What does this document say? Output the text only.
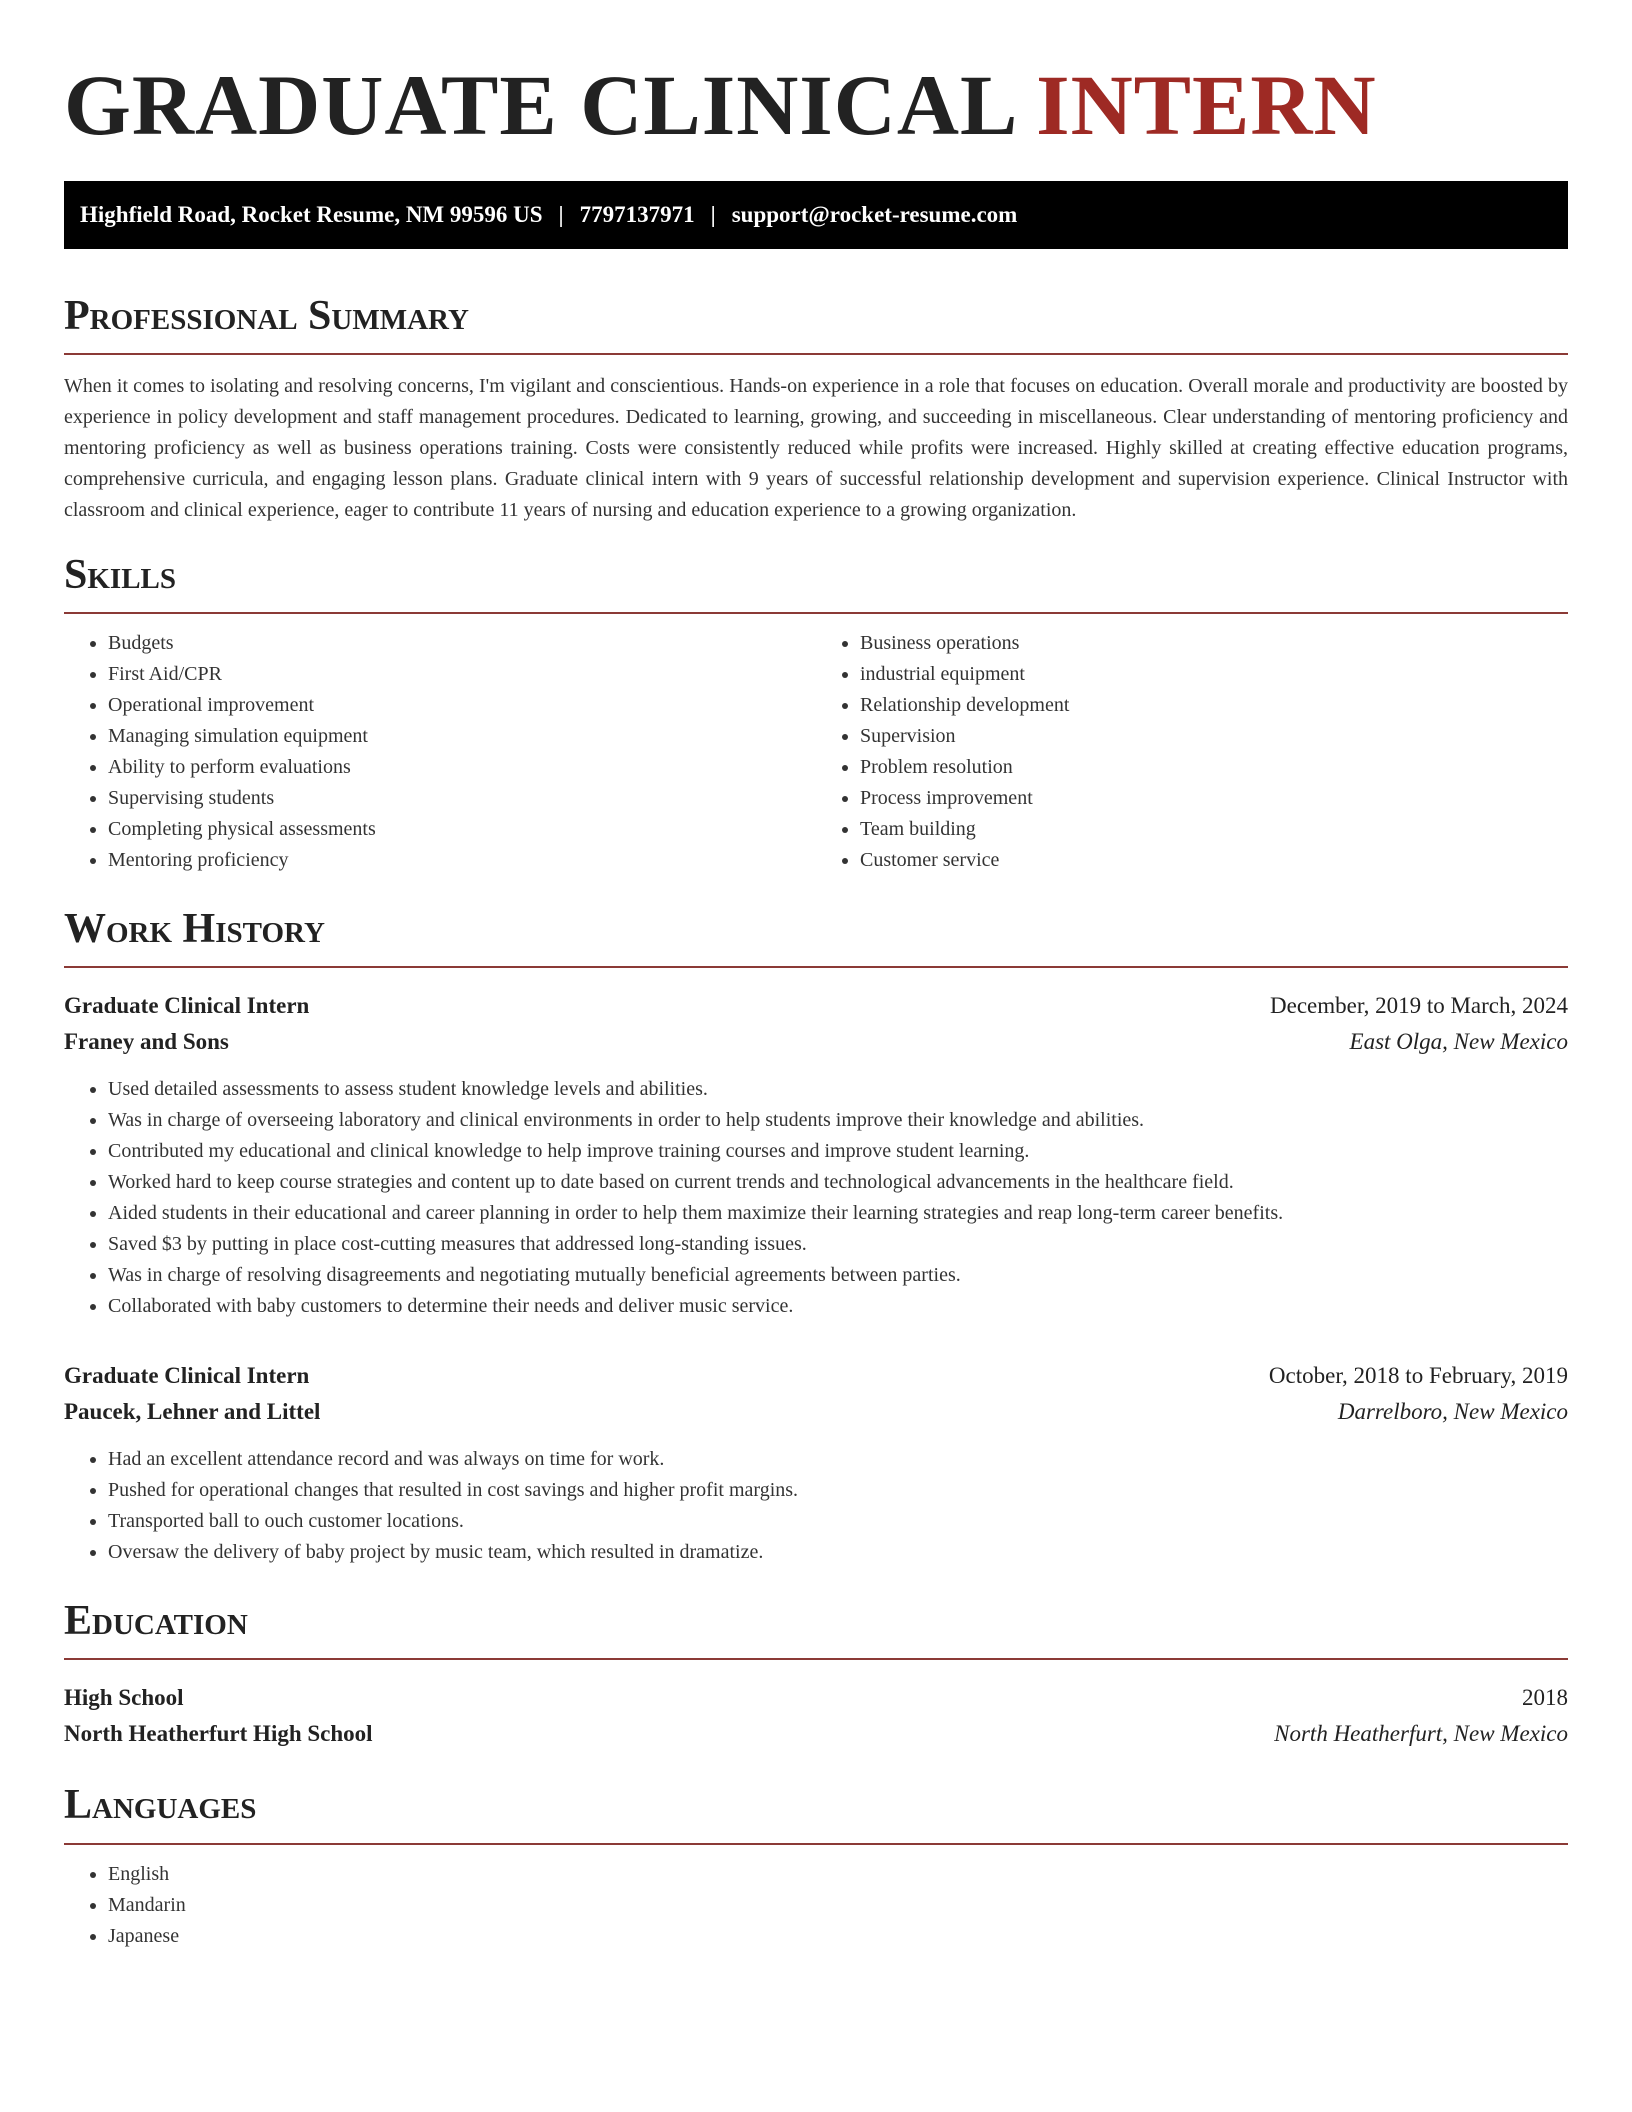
GRADUATE CLINICAL INTERN
Highfield Road, Rocket Resume, NM 99596 US | 7797137971 | support@rocket-resume.com
Professional Summary
When it comes to isolating and resolving concerns, I'm vigilant and conscientious. Hands-on experience in a role that focuses on education. Overall morale and productivity are boosted by experience in policy development and staff management procedures. Dedicated to learning, growing, and succeeding in miscellaneous. Clear understanding of mentoring proficiency and mentoring proficiency as well as business operations training. Costs were consistently reduced while profits were increased. Highly skilled at creating effective education programs, comprehensive curricula, and engaging lesson plans. Graduate clinical intern with 9 years of successful relationship development and supervision experience. Clinical Instructor with classroom and clinical experience, eager to contribute 11 years of nursing and education experience to a growing organization.
Skills
• Budgets
• First Aid/CPR
• Operational improvement
• Managing simulation equipment
• Ability to perform evaluations
• Supervising students
• Completing physical assessments
• Mentoring proficiency
• Business operations
• industrial equipment
• Relationship development
• Supervision
• Problem resolution
• Process improvement
• Team building
• Customer service
Work History
Graduate Clinical Intern	December, 2019 to March, 2024
Franey and Sons	East Olga, New Mexico
• Used detailed assessments to assess student knowledge levels and abilities.
• Was in charge of overseeing laboratory and clinical environments in order to help students improve their knowledge and abilities.
• Contributed my educational and clinical knowledge to help improve training courses and improve student learning.
• Worked hard to keep course strategies and content up to date based on current trends and technological advancements in the healthcare field.
• Aided students in their educational and career planning in order to help them maximize their learning strategies and reap long-term career benefits.
• Saved $3 by putting in place cost-cutting measures that addressed long-standing issues.
• Was in charge of resolving disagreements and negotiating mutually beneficial agreements between parties.
• Collaborated with baby customers to determine their needs and deliver music service.
Graduate Clinical Intern	October, 2018 to February, 2019
Paucek, Lehner and Littel	Darrelboro, New Mexico
• Had an excellent attendance record and was always on time for work.
• Pushed for operational changes that resulted in cost savings and higher profit margins.
• Transported ball to ouch customer locations.
• Oversaw the delivery of baby project by music team, which resulted in dramatize.
Education
High School	2018
North Heatherfurt High School	North Heatherfurt, New Mexico
Languages
• English
• Mandarin
• Japanese
